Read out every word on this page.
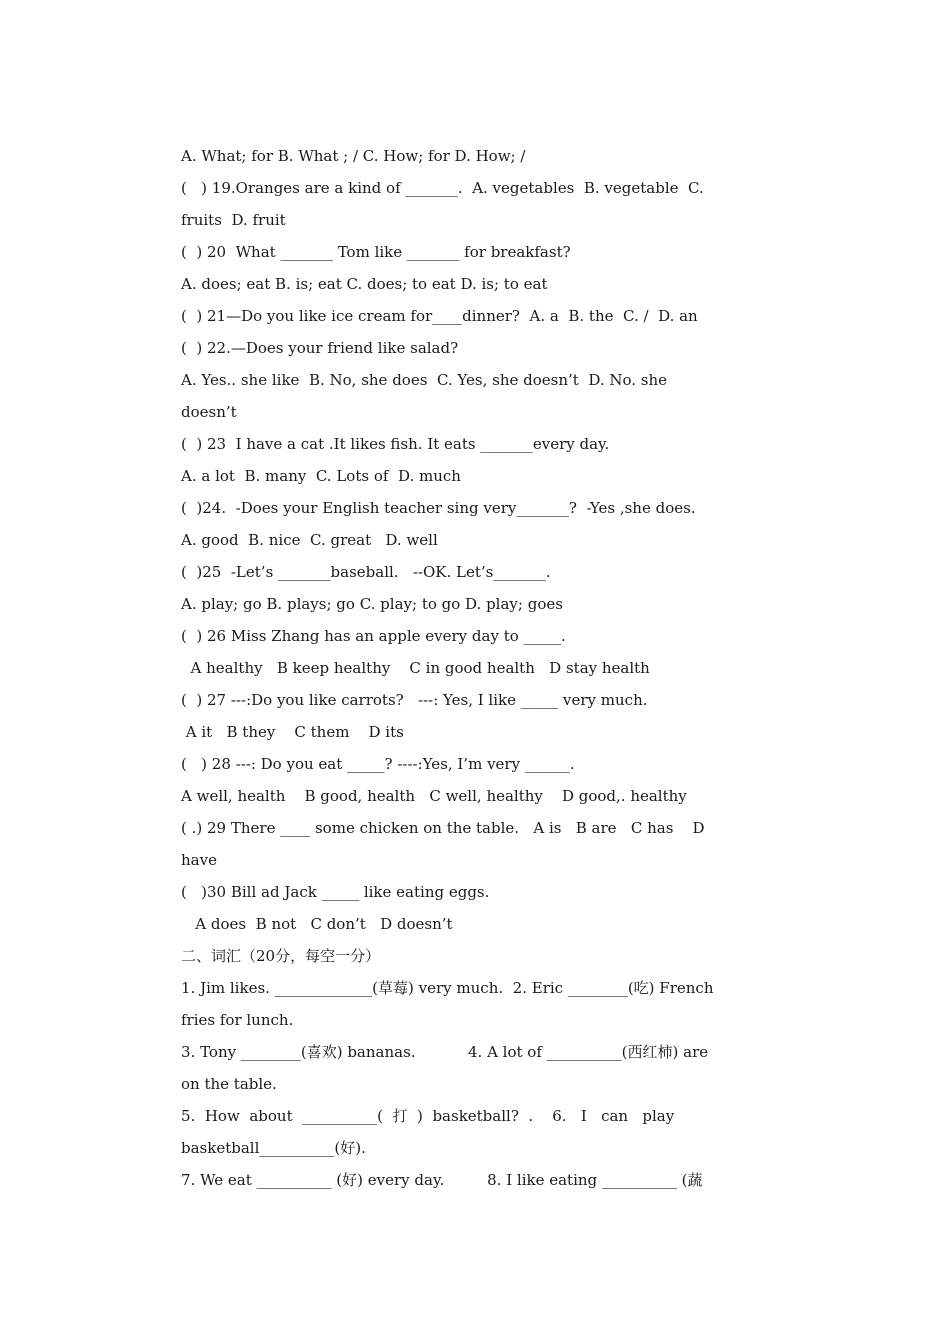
A. What; for B. What ; / C. How; for D. How; /
(   ) 19.Oranges are a kind of _______.  A. vegetables  B. vegetable  C.
fruits  D. fruit
(  ) 20  What _______ Tom like _______ for breakfast?
A. does; eat B. is; eat C. does; to eat D. is; to eat
(  ) 21—Do you like ice cream for____dinner?  A. a  B. the  C. /  D. an
(  ) 22.—Does your friend like salad?
A. Yes.. she like  B. No, she does  C. Yes, she doesn’t  D. No. she
doesn’t
(  ) 23  I have a cat .It likes fish. It eats _______every day.
A. a lot  B. many  C. Lots of  D. much
(  )24.  -Does your English teacher sing very_______?  -Yes ,she does.
A. good  B. nice  C. great   D. well
(  )25  -Let’s _______baseball.   --OK. Let’s_______.
A. play; go B. plays; go C. play; to go D. play; goes
(  ) 26 Miss Zhang has an apple every day to _____.
A healthy   B keep healthy    C in good health   D stay health
(  ) 27 ---:Do you like carrots?   ---: Yes, I like _____ very much.
A it   B they    C them    D its
(   ) 28 ---: Do you eat _____? ----:Yes, I’m very ______.
A well, health    B good, health   C well, healthy    D good,. healthy
( .) 29 There ____ some chicken on the table.   A is   B are   C has    D
have
(   )30 Bill ad Jack _____ like eating eggs.
A does  B not   C don’t   D doesn’t
二、词汇（20分，每空一分）
1. Jim likes. _____________(草莓) very much.  2. Eric ________(吃) French
fries for lunch.
3. Tony ________(喜欢) bananas.           4. A lot of __________(西红柿) are
on the table.
5.  How  about  __________(  打  )  basketball?  .    6.   I   can   play
basketball__________(好).
7. We eat __________ (好) every day.         8. I like eating __________ (蔬
